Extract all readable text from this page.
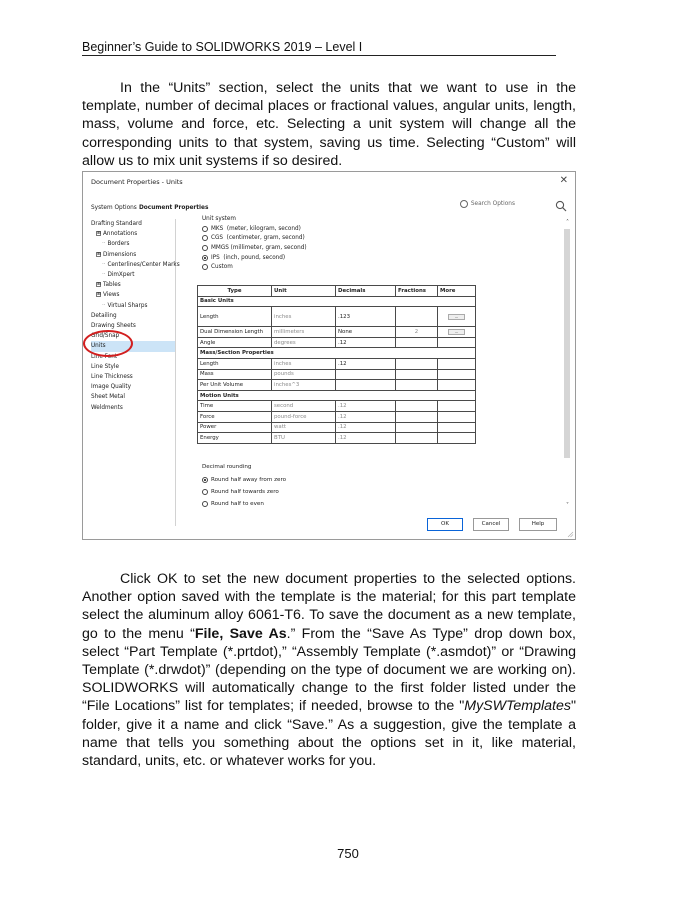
Beginner’s Guide to SOLIDWORKS 2019 – Level I

In the “Units” section, select the units that we want to use in the template, number of decimal places or fractional values, angular units, length, mass, volume and force, etc. Selecting a unit system will change all the corresponding units to that system, saving us time. Selecting “Custom” will allow us to mix unit systems if so desired.

Document Properties - Units	✕
System Options Document Properties
Search Options
Drafting Standard
⊞ Annotations
·· Borders
⊞ Dimensions
·· Centerlines/Center Marks
·· DimXpert
⊞ Tables
⊞ Views
·· Virtual Sharps
Detailing
Drawing Sheets
Grid/Snap
Units
Line Font
Line Style
Line Thickness
Image Quality
Sheet Metal
Weldments
Unit system
MKS  (meter, kilogram, second)
CGS  (centimeter, gram, second)
MMGS (millimeter, gram, second)
IPS  (inch, pound, second)
Custom
Type	Unit	Decimals	Fractions	More
Basic Units				
Length	inches	.123		...
Dual Dimension Length	millimeters	None	2	...
Angle	degrees	.12		
Mass/Section Properties				
Length	inches	.12		
Mass	pounds			
Per Unit Volume	inches^3			
Motion Units				
Time	second	.12		
Force	pound-force	.12		
Power	watt	.12		
Energy	BTU	.12		
Decimal rounding
Round half away from zero
Round half towards zero
Round half to even
˄
˅
OK	Cancel	Help

Click OK to set the new document properties to the selected options. Another option saved with the template is the material; for this part template select the aluminum alloy 6061-T6. To save the document as a new template, go to the menu “File, Save As.” From the “Save As Type” drop down box, select “Part Template (*.prtdot),” “Assembly Template (*.asmdot)” or “Drawing Template (*.drwdot)” (depending on the type of document we are working on). SOLIDWORKS will automatically change to the first folder listed under the “File Locations” list for templates; if needed, browse to the "MySWTemplates" folder, give it a name and click “Save.” As a suggestion, give the template a name that tells you something about the options set in it, like material, standard, units, etc. or whatever works for you.

750
